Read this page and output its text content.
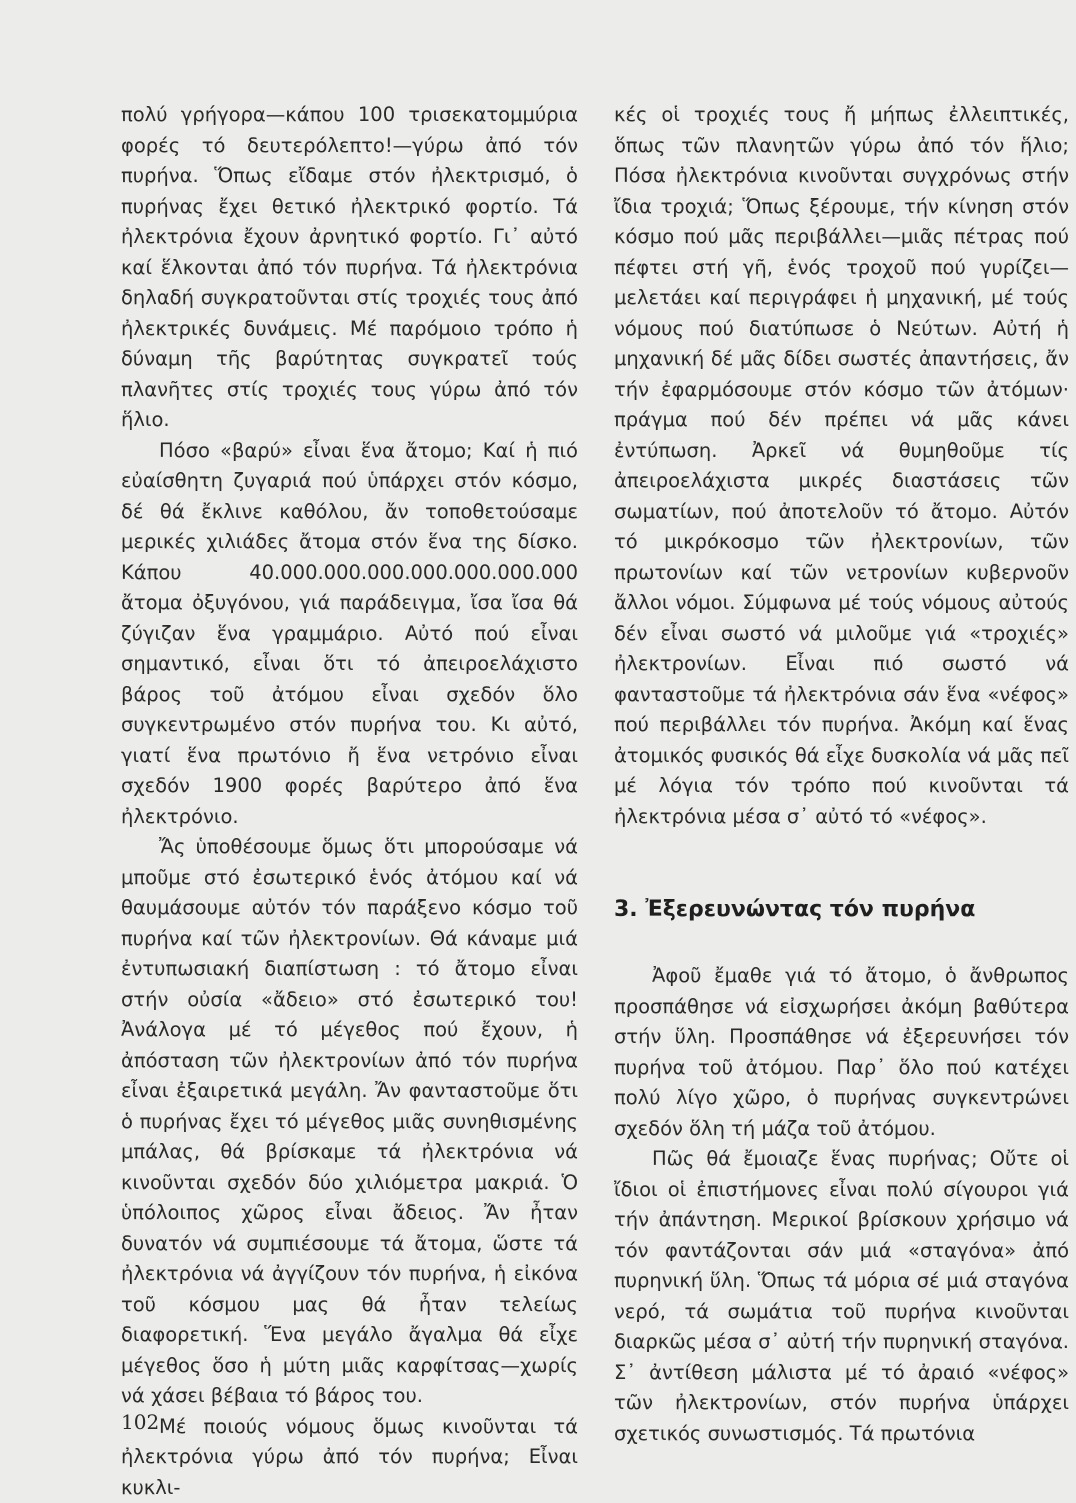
πολύ γρήγορα—κάπου 100 τρισεκατομμύρια φορές τό δευτερόλεπτο!—γύρω ἀπό τόν πυρήνα. Ὅπως εἴδαμε στόν ἠλεκτρισμό, ὁ πυρήνας ἔχει θετικό ἠλεκτρικό φορτίο. Τά ἠλεκτρόνια ἔχουν ἀρνητικό φορτίο. Γι᾽ αὐτό καί ἕλκονται ἀπό τόν πυρήνα. Τά ἠλεκτρόνια δηλαδή συγκρατοῦνται στίς τροχιές τους ἀπό ἠλεκτρικές δυνάμεις. Μέ παρόμοιο τρόπο ἡ δύναμη τῆς βαρύτητας συγκρατεῖ τούς πλανῆτες στίς τροχιές τους γύρω ἀπό τόν ἥλιο.

Πόσο «βαρύ» εἶναι ἕνα ἄτομο; Καί ἡ πιό εὐαίσθητη ζυγαριά πού ὑπάρχει στόν κόσμο, δέ θά ἔκλινε καθόλου, ἄν τοποθετούσαμε μερικές χιλιάδες ἄτομα στόν ἕνα της δίσκο. Κάπου 40.000.000.000.000.000.000.000 ἄτομα ὀξυγόνου, γιά παράδειγμα, ἴσα ἴσα θά ζύγιζαν ἕνα γραμμάριο. Αὐτό πού εἶναι σημαντικό, εἶναι ὅτι τό ἀπειροελάχιστο βάρος τοῦ ἀτόμου εἶναι σχεδόν ὅλο συγκεντρωμένο στόν πυρήνα του. Κι αὐτό, γιατί ἕνα πρωτόνιο ἤ ἕνα νετρόνιο εἶναι σχεδόν 1900 φορές βαρύτερο ἀπό ἕνα ἠλεκτρόνιο.

Ἄς ὑποθέσουμε ὅμως ὅτι μπορούσαμε νά μποῦμε στό ἐσωτερικό ἑνός ἀτόμου καί νά θαυμάσουμε αὐτόν τόν παράξενο κόσμο τοῦ πυρήνα καί τῶν ἠλεκτρονίων. Θά κάναμε μιά ἐντυπωσιακή διαπίστωση : τό ἄτομο εἶναι στήν οὐσία «ἄδειο» στό ἐσωτερικό του! Ἀνάλογα μέ τό μέγεθος πού ἔχουν, ἡ ἀπόσταση τῶν ἠλεκτρονίων ἀπό τόν πυρήνα εἶναι ἐξαιρετικά μεγάλη. Ἄν φανταστοῦμε ὅτι ὁ πυρήνας ἔχει τό μέγεθος μιᾶς συνηθισμένης μπάλας, θά βρίσκαμε τά ἠλεκτρόνια νά κινοῦνται σχεδόν δύο χιλιόμετρα μακριά. Ὁ ὑπόλοιπος χῶρος εἶναι ἄδειος. Ἄν ἦταν δυνατόν νά συμπιέσουμε τά ἄτομα, ὥστε τά ἠλεκτρόνια νά ἀγγίζουν τόν πυρήνα, ἡ εἰκόνα τοῦ κόσμου μας θά ἦταν τελείως διαφορετική. Ἕνα μεγάλο ἄγαλμα θά εἶχε μέγεθος ὅσο ἡ μύτη μιᾶς καρφίτσας—χωρίς νά χάσει βέβαια τό βάρος του.

Μέ ποιούς νόμους ὅμως κινοῦνται τά ἠλεκτρόνια γύρω ἀπό τόν πυρήνα; Εἶναι κυκλι-

κές οἱ τροχιές τους ἤ μήπως ἐλλειπτικές, ὅπως τῶν πλανητῶν γύρω ἀπό τόν ἥλιο; Πόσα ἠλεκτρόνια κινοῦνται συγχρόνως στήν ἴδια τροχιά; Ὅπως ξέρουμε, τήν κίνηση στόν κόσμο πού μᾶς περιβάλλει—μιᾶς πέτρας πού πέφτει στή γῆ, ἑνός τροχοῦ πού γυρίζει—μελετάει καί περιγράφει ἡ μηχανική, μέ τούς νόμους πού διατύπωσε ὁ Νεύτων. Αὐτή ἡ μηχανική δέ μᾶς δίδει σωστές ἀπαντήσεις, ἄν τήν ἐφαρμόσουμε στόν κόσμο τῶν ἀτόμων· πράγμα πού δέν πρέπει νά μᾶς κάνει ἐντύπωση. Ἀρκεῖ νά θυμηθοῦμε τίς ἀπειροελάχιστα μικρές διαστάσεις τῶν σωματίων, πού ἀποτελοῦν τό ἄτομο. Αὐτόν τό μικρόκοσμο τῶν ἠλεκτρονίων, τῶν πρωτονίων καί τῶν νετρονίων κυβερνοῦν ἄλλοι νόμοι. Σύμφωνα μέ τούς νόμους αὐτούς δέν εἶναι σωστό νά μιλοῦμε γιά «τροχιές» ἠλεκτρονίων. Εἶναι πιό σωστό νά φανταστοῦμε τά ἠλεκτρόνια σάν ἕνα «νέφος» πού περιβάλλει τόν πυρήνα. Ἀκόμη καί ἕνας ἀτομικός φυσικός θά εἶχε δυσκολία νά μᾶς πεῖ μέ λόγια τόν τρόπο πού κινοῦνται τά ἠλεκτρόνια μέσα σ᾽ αὐτό τό «νέφος».

3. Ἐξερευνώντας τόν πυρήνα

Ἀφοῦ ἔμαθε γιά τό ἄτομο, ὁ ἄνθρωπος προσπάθησε νά εἰσχωρήσει ἀκόμη βαθύτερα στήν ὕλη. Προσπάθησε νά ἐξερευνήσει τόν πυρήνα τοῦ ἀτόμου. Παρ᾽ ὅλο πού κατέχει πολύ λίγο χῶρο, ὁ πυρήνας συγκεντρώνει σχεδόν ὅλη τή μάζα τοῦ ἀτόμου.

Πῶς θά ἔμοιαζε ἕνας πυρήνας; Οὔτε οἱ ἴδιοι οἱ ἐπιστήμονες εἶναι πολύ σίγουροι γιά τήν ἀπάντηση. Μερικοί βρίσκουν χρήσιμο νά τόν φαντάζονται σάν μιά «σταγόνα» ἀπό πυρηνική ὕλη. Ὅπως τά μόρια σέ μιά σταγόνα νερό, τά σωμάτια τοῦ πυρήνα κινοῦνται διαρκῶς μέσα σ᾽ αὐτή τήν πυρηνική σταγόνα. Σ᾽ ἀντίθεση μάλιστα μέ τό ἀραιό «νέφος» τῶν ἠλεκτρονίων, στόν πυρήνα ὑπάρχει σχετικός συνωστισμός. Τά πρωτόνια

102
